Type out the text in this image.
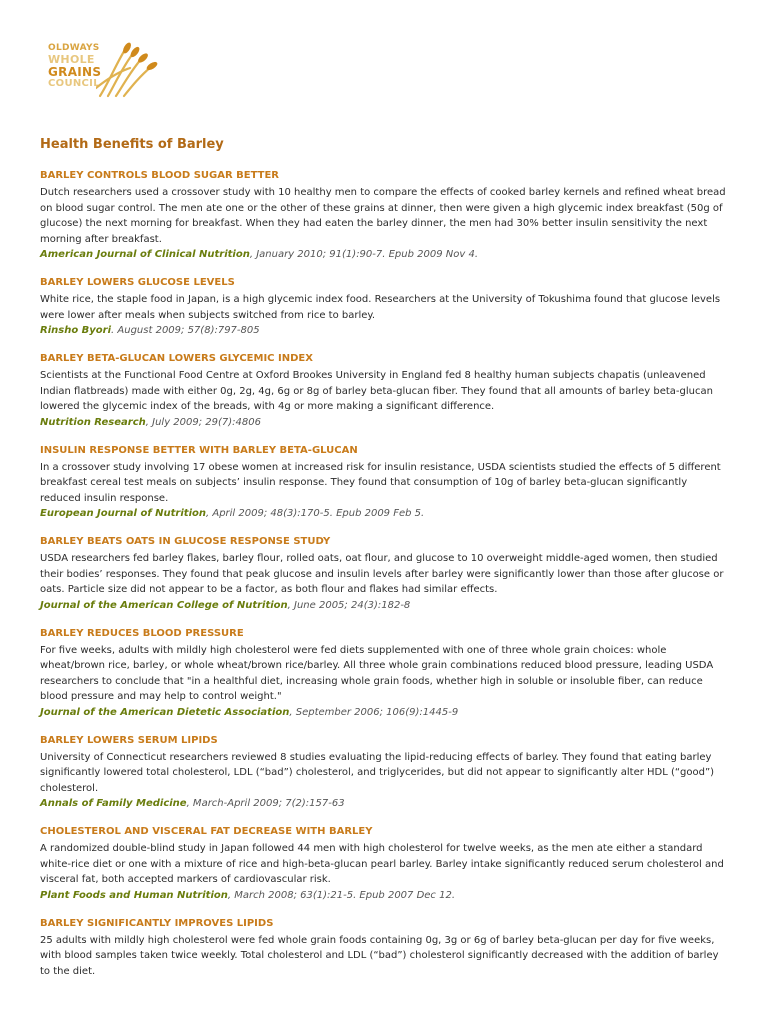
OLDWAYS
WHOLE
GRAINS
COUNCIL
Health Benefits of Barley

BARLEY CONTROLS BLOOD SUGAR BETTER

Dutch researchers used a crossover study with 10 healthy men to compare the effects of cooked barley kernels and refined wheat bread on blood sugar control. The men ate one or the other of these grains at dinner, then were given a high glycemic index breakfast (50g of glucose) the next morning for breakfast. When they had eaten the barley dinner, the men had 30% better insulin sensitivity the next morning after breakfast.

American Journal of Clinical Nutrition, January 2010; 91(1):90-7. Epub 2009 Nov 4.

BARLEY LOWERS GLUCOSE LEVELS

White rice, the staple food in Japan, is a high glycemic index food. Researchers at the University of Tokushima found that glucose levels were lower after meals when subjects switched from rice to barley.

Rinsho Byori. August 2009; 57(8):797-805

BARLEY BETA-GLUCAN LOWERS GLYCEMIC INDEX

Scientists at the Functional Food Centre at Oxford Brookes University in England fed 8 healthy human subjects chapatis (unleavened Indian flatbreads) made with either 0g, 2g, 4g, 6g or 8g of barley beta-glucan fiber. They found that all amounts of barley beta-glucan lowered the glycemic index of the breads, with 4g or more making a significant difference.

Nutrition Research, July 2009; 29(7):4806

INSULIN RESPONSE BETTER WITH BARLEY BETA-GLUCAN

In a crossover study involving 17 obese women at increased risk for insulin resistance, USDA scientists studied the effects of 5 different breakfast cereal test meals on subjects’ insulin response. They found that consumption of 10g of barley beta-glucan significantly reduced insulin response.

European Journal of Nutrition, April 2009; 48(3):170-5. Epub 2009 Feb 5.

BARLEY BEATS OATS IN GLUCOSE RESPONSE STUDY

USDA researchers fed barley flakes, barley flour, rolled oats, oat flour, and glucose to 10 overweight middle-aged women, then studied their bodies’ responses. They found that peak glucose and insulin levels after barley were significantly lower than those after glucose or oats. Particle size did not appear to be a factor, as both flour and flakes had similar effects.

Journal of the American College of Nutrition, June 2005; 24(3):182-8

BARLEY REDUCES BLOOD PRESSURE

For five weeks, adults with mildly high cholesterol were fed diets supplemented with one of three whole grain choices: whole wheat/brown rice, barley, or whole wheat/brown rice/barley. All three whole grain combinations reduced blood pressure, leading USDA researchers to conclude that "in a healthful diet, increasing whole grain foods, whether high in soluble or insoluble fiber, can reduce blood pressure and may help to control weight."

Journal of the American Dietetic Association, September 2006; 106(9):1445-9

BARLEY LOWERS SERUM LIPIDS

University of Connecticut researchers reviewed 8 studies evaluating the lipid-reducing effects of barley. They found that eating barley significantly lowered total cholesterol, LDL (“bad”) cholesterol, and triglycerides, but did not appear to significantly alter HDL (“good”) cholesterol.

Annals of Family Medicine, March-April 2009; 7(2):157-63

CHOLESTEROL AND VISCERAL FAT DECREASE WITH BARLEY

A randomized double-blind study in Japan followed 44 men with high cholesterol for twelve weeks, as the men ate either a standard white-rice diet or one with a mixture of rice and high-beta-glucan pearl barley. Barley intake significantly reduced serum cholesterol and visceral fat, both accepted markers of cardiovascular risk.

Plant Foods and Human Nutrition, March 2008; 63(1):21-5. Epub 2007 Dec 12.

BARLEY SIGNIFICANTLY IMPROVES LIPIDS

25 adults with mildly high cholesterol were fed whole grain foods containing 0g, 3g or 6g of barley beta-glucan per day for five weeks, with blood samples taken twice weekly. Total cholesterol and LDL (“bad”) cholesterol significantly decreased with the addition of barley to the diet.
